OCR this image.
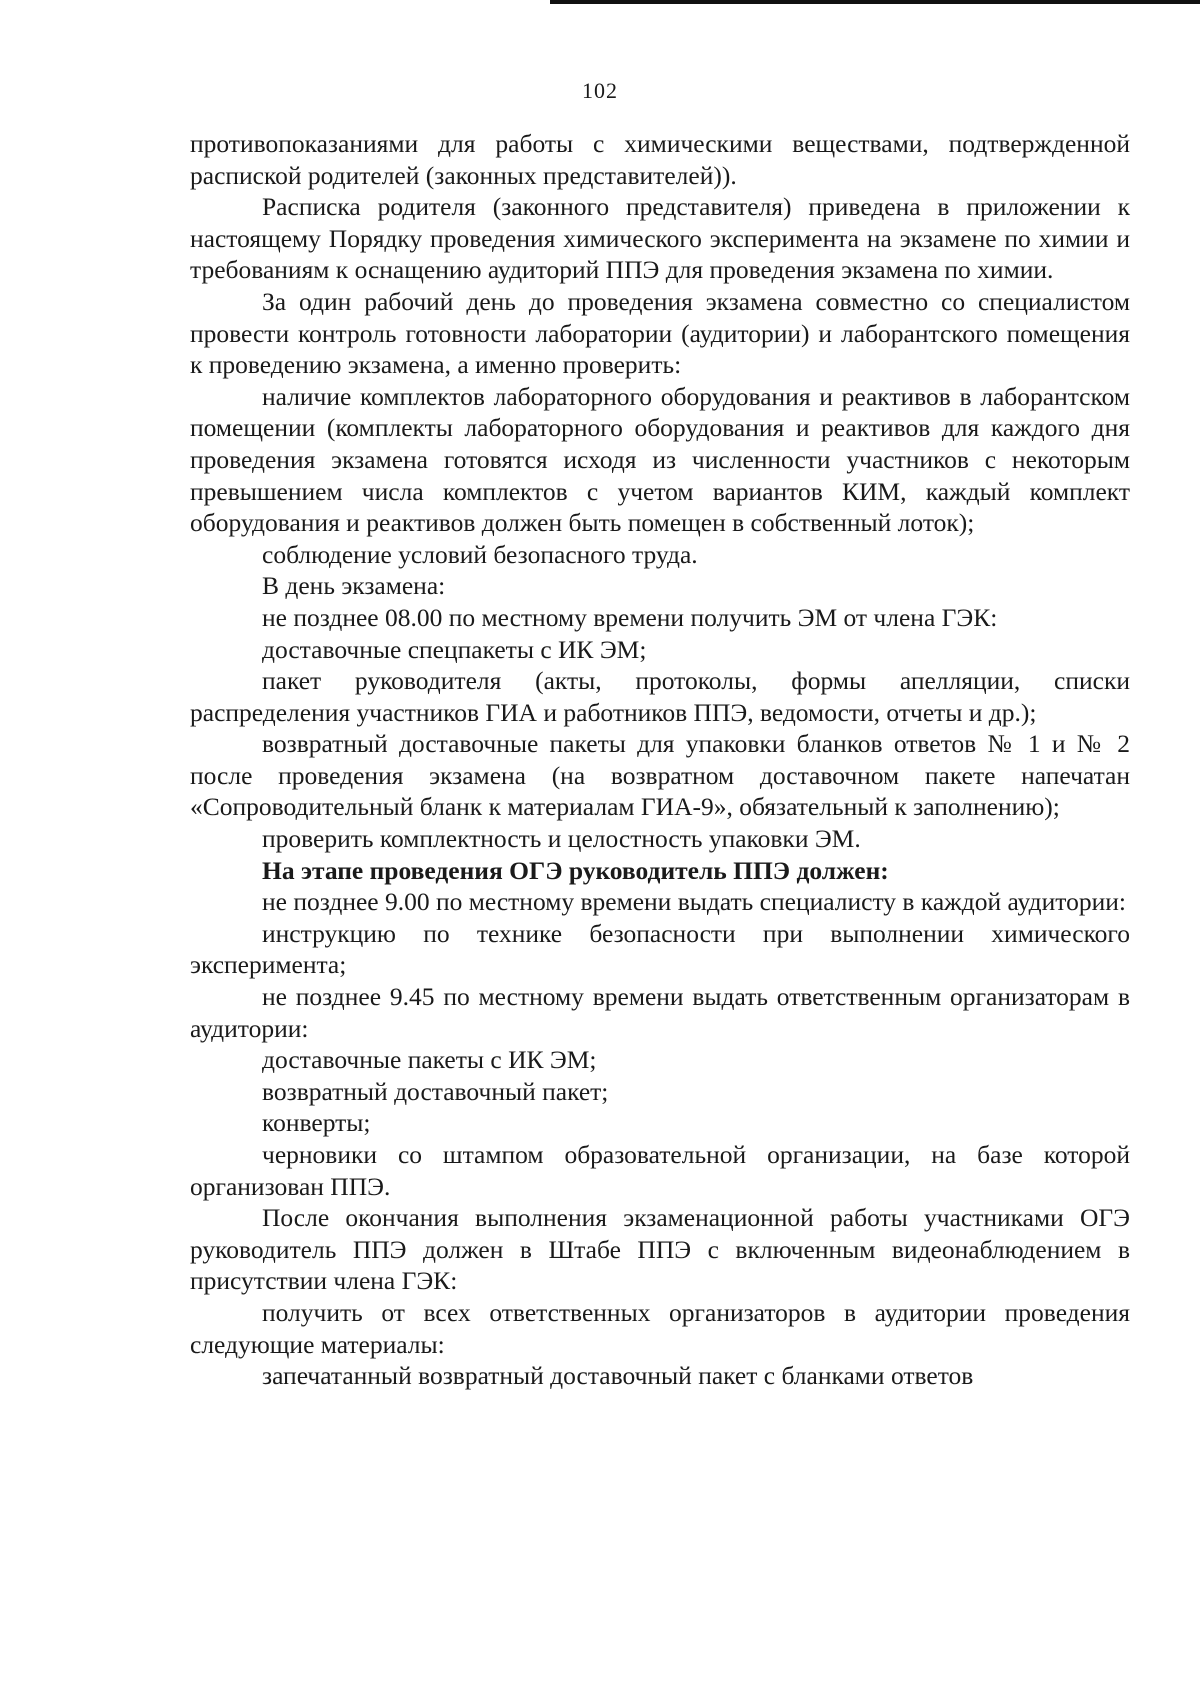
102

противопоказаниями для работы с химическими веществами, подтвержденной распиской родителей (законных представителей)).

Расписка родителя (законного представителя) приведена в приложении к настоящему Порядку проведения химического эксперимента на экзамене по химии и требованиям к оснащению аудиторий ППЭ для проведения экзамена по химии.

За один рабочий день до проведения экзамена совместно со специалистом провести контроль готовности лаборатории (аудитории) и лаборантского помещения к проведению экзамена, а именно проверить:

наличие комплектов лабораторного оборудования и реактивов в лаборантском помещении (комплекты лабораторного оборудования и реактивов для каждого дня проведения экзамена готовятся исходя из численности участников с некоторым превышением числа комплектов с учетом вариантов КИМ, каждый комплект оборудования и реактивов должен быть помещен в собственный лоток);

соблюдение условий безопасного труда.

В день экзамена:

не позднее 08.00 по местному времени получить ЭМ от члена ГЭК:

доставочные спецпакеты с ИК ЭМ;

пакет руководителя (акты, протоколы, формы апелляции, списки распределения участников ГИА и работников ППЭ, ведомости, отчеты и др.);

возвратный доставочные пакеты для упаковки бланков ответов № 1 и № 2 после проведения экзамена (на возвратном доставочном пакете напечатан «Сопроводительный бланк к материалам ГИА-9», обязательный к заполнению);

проверить комплектность и целостность упаковки ЭМ.

На этапе проведения ОГЭ руководитель ППЭ должен:

не позднее 9.00 по местному времени выдать специалисту в каждой аудитории:

инструкцию по технике безопасности при выполнении химического эксперимента;

не позднее 9.45 по местному времени выдать ответственным организаторам в аудитории:

доставочные пакеты с ИК ЭМ;

возвратный доставочный пакет;

конверты;

черновики со штампом образовательной организации, на базе которой организован ППЭ.

После окончания выполнения экзаменационной работы участниками ОГЭ руководитель ППЭ должен в Штабе ППЭ с включенным видеонаблюдением в присутствии члена ГЭК:

получить от всех ответственных организаторов в аудитории проведения следующие материалы:

запечатанный возвратный доставочный пакет с бланками ответов
